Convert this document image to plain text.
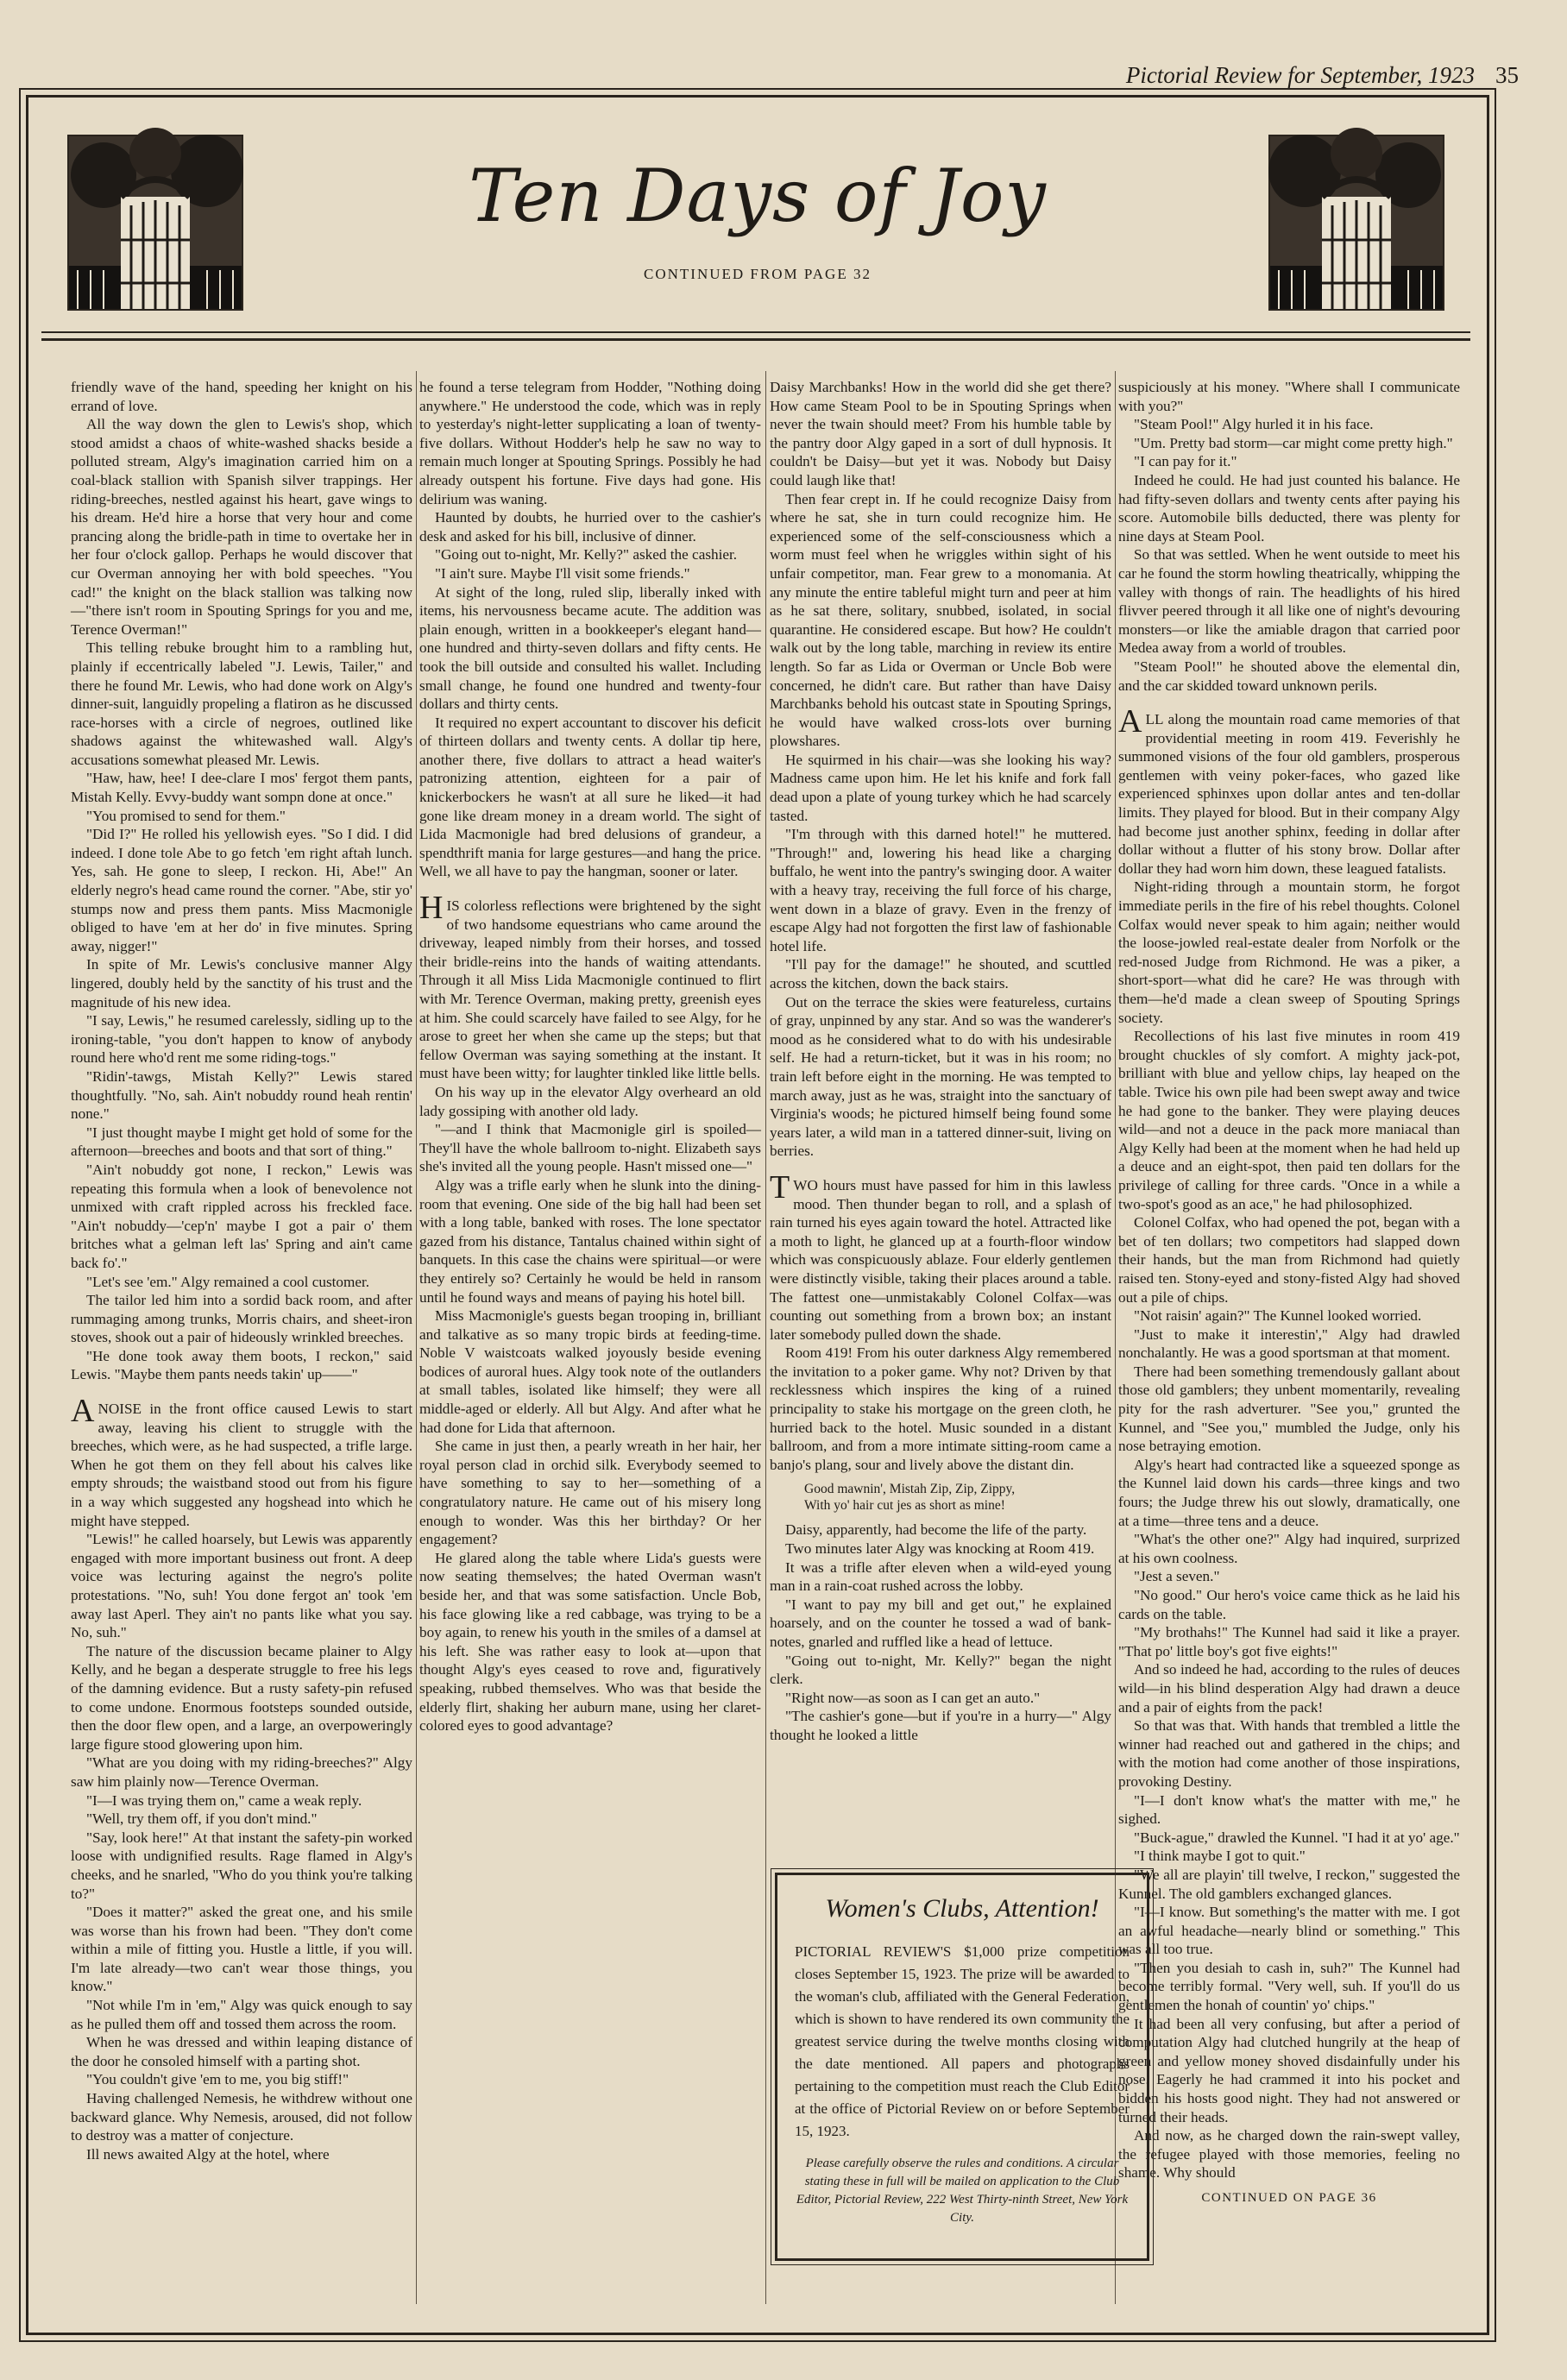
Pictorial Review for September, 1923 35
Ten Days of Joy
CONTINUED FROM PAGE 32

friendly wave of the hand, speeding her knight on his errand of love.

All the way down the glen to Lewis's shop, which stood amidst a chaos of white-washed shacks beside a polluted stream, Algy's imagination carried him on a coal-black stallion with Spanish silver trappings. Her riding-breeches, nestled against his heart, gave wings to his dream. He'd hire a horse that very hour and come prancing along the bridle-path in time to overtake her in her four o'clock gallop. Perhaps he would discover that cur Overman annoying her with bold speeches. "You cad!" the knight on the black stallion was talking now—"there isn't room in Spouting Springs for you and me, Terence Overman!"

This telling rebuke brought him to a rambling hut, plainly if eccentrically labeled "J. Lewis, Tailer," and there he found Mr. Lewis, who had done work on Algy's dinner-suit, languidly propeling a flatiron as he discussed race-horses with a circle of negroes, outlined like shadows against the whitewashed wall. Algy's accusations somewhat pleased Mr. Lewis.

"Haw, haw, hee! I dee-clare I mos' fergot them pants, Mistah Kelly. Evvy-buddy want sompn done at once."

"You promised to send for them."

"Did I?" He rolled his yellowish eyes. "So I did. I did indeed. I done tole Abe to go fetch 'em right aftah lunch. Yes, sah. He gone to sleep, I reckon. Hi, Abe!" An elderly negro's head came round the corner. "Abe, stir yo' stumps now and press them pants. Miss Macmonigle obliged to have 'em at her do' in five minutes. Spring away, nigger!"

In spite of Mr. Lewis's conclusive manner Algy lingered, doubly held by the sanctity of his trust and the magnitude of his new idea.

"I say, Lewis," he resumed carelessly, sidling up to the ironing-table, "you don't happen to know of anybody round here who'd rent me some riding-togs."

"Ridin'-tawgs, Mistah Kelly?" Lewis stared thoughtfully. "No, sah. Ain't nobuddy round heah rentin' none."

"I just thought maybe I might get hold of some for the afternoon—breeches and boots and that sort of thing."

"Ain't nobuddy got none, I reckon," Lewis was repeating this formula when a look of benevolence not unmixed with craft rippled across his freckled face. "Ain't nobuddy—'cep'n' maybe I got a pair o' them britches what a gelman left las' Spring and ain't came back fo'."

"Let's see 'em." Algy remained a cool customer.

The tailor led him into a sordid back room, and after rummaging among trunks, Morris chairs, and sheet-iron stoves, shook out a pair of hideously wrinkled breeches.

"He done took away them boots, I reckon," said Lewis. "Maybe them pants needs takin' up——"

ANOISE in the front office caused Lewis to start away, leaving his client to struggle with the breeches, which were, as he had suspected, a trifle large. When he got them on they fell about his calves like empty shrouds; the waistband stood out from his figure in a way which suggested any hogshead into which he might have stepped.

"Lewis!" he called hoarsely, but Lewis was apparently engaged with more important business out front. A deep voice was lecturing against the negro's polite protestations. "No, suh! You done fergot an' took 'em away last Aperl. They ain't no pants like what you say. No, suh."

The nature of the discussion became plainer to Algy Kelly, and he began a desperate struggle to free his legs of the damning evidence. But a rusty safety-pin refused to come undone. Enormous footsteps sounded outside, then the door flew open, and a large, an overpoweringly large figure stood glowering upon him.

"What are you doing with my riding-breeches?" Algy saw him plainly now—Terence Overman.

"I—I was trying them on," came a weak reply.

"Well, try them off, if you don't mind."

"Say, look here!" At that instant the safety-pin worked loose with undignified results. Rage flamed in Algy's cheeks, and he snarled, "Who do you think you're talking to?"

"Does it matter?" asked the great one, and his smile was worse than his frown had been. "They don't come within a mile of fitting you. Hustle a little, if you will. I'm late already—two can't wear those things, you know."

"Not while I'm in 'em," Algy was quick enough to say as he pulled them off and tossed them across the room.

When he was dressed and within leaping distance of the door he consoled himself with a parting shot.

"You couldn't give 'em to me, you big stiff!"

Having challenged Nemesis, he withdrew without one backward glance. Why Nemesis, aroused, did not follow to destroy was a matter of conjecture.

Ill news awaited Algy at the hotel, where

he found a terse telegram from Hodder, "Nothing doing anywhere." He understood the code, which was in reply to yesterday's night-letter supplicating a loan of twenty-five dollars. Without Hodder's help he saw no way to remain much longer at Spouting Springs. Possibly he had already outspent his fortune. Five days had gone. His delirium was waning.

Haunted by doubts, he hurried over to the cashier's desk and asked for his bill, inclusive of dinner.

"Going out to-night, Mr. Kelly?" asked the cashier.

"I ain't sure. Maybe I'll visit some friends."

At sight of the long, ruled slip, liberally inked with items, his nervousness became acute. The addition was plain enough, written in a bookkeeper's elegant hand—one hundred and thirty-seven dollars and fifty cents. He took the bill outside and consulted his wallet. Including small change, he found one hundred and twenty-four dollars and thirty cents.

It required no expert accountant to discover his deficit of thirteen dollars and twenty cents. A dollar tip here, another there, five dollars to attract a head waiter's patronizing attention, eighteen for a pair of knickerbockers he wasn't at all sure he liked—it had gone like dream money in a dream world. The sight of Lida Macmonigle had bred delusions of grandeur, a spendthrift mania for large gestures—and hang the price. Well, we all have to pay the hangman, sooner or later.

HIS colorless reflections were brightened by the sight of two handsome equestrians who came around the driveway, leaped nimbly from their horses, and tossed their bridle-reins into the hands of waiting attendants. Through it all Miss Lida Macmonigle continued to flirt with Mr. Terence Overman, making pretty, greenish eyes at him. She could scarcely have failed to see Algy, for he arose to greet her when she came up the steps; but that fellow Overman was saying something at the instant. It must have been witty; for laughter tinkled like little bells.

On his way up in the elevator Algy overheard an old lady gossiping with another old lady.

"—and I think that Macmonigle girl is spoiled— They'll have the whole ballroom to-night. Elizabeth says she's invited all the young people. Hasn't missed one—"

Algy was a trifle early when he slunk into the dining-room that evening. One side of the big hall had been set with a long table, banked with roses. The lone spectator gazed from his distance, Tantalus chained within sight of banquets. In this case the chains were spiritual—or were they entirely so? Certainly he would be held in ransom until he found ways and means of paying his hotel bill.

Miss Macmonigle's guests began trooping in, brilliant and talkative as so many tropic birds at feeding-time. Noble V waistcoats walked joyously beside evening bodices of auroral hues. Algy took note of the outlanders at small tables, isolated like himself; they were all middle-aged or elderly. All but Algy. And after what he had done for Lida that afternoon.

She came in just then, a pearly wreath in her hair, her royal person clad in orchid silk. Everybody seemed to have something to say to her—something of a congratulatory nature. He came out of his misery long enough to wonder. Was this her birthday? Or her engagement?

He glared along the table where Lida's guests were now seating themselves; the hated Overman wasn't beside her, and that was some satisfaction. Uncle Bob, his face glowing like a red cabbage, was trying to be a boy again, to renew his youth in the smiles of a damsel at his left. She was rather easy to look at—upon that thought Algy's eyes ceased to rove and, figuratively speaking, rubbed themselves. Who was that beside the elderly flirt, shaking her auburn mane, using her claret-colored eyes to good advantage?

Daisy Marchbanks! How in the world did she get there? How came Steam Pool to be in Spouting Springs when never the twain should meet? From his humble table by the pantry door Algy gaped in a sort of dull hypnosis. It couldn't be Daisy—but yet it was. Nobody but Daisy could laugh like that!

Then fear crept in. If he could recognize Daisy from where he sat, she in turn could recognize him. He experienced some of the self-consciousness which a worm must feel when he wriggles within sight of his unfair competitor, man. Fear grew to a monomania. At any minute the entire tableful might turn and peer at him as he sat there, solitary, snubbed, isolated, in social quarantine. He considered escape. But how? He couldn't walk out by the long table, marching in review its entire length. So far as Lida or Overman or Uncle Bob were concerned, he didn't care. But rather than have Daisy Marchbanks behold his outcast state in Spouting Springs, he would have walked cross-lots over burning plowshares.

He squirmed in his chair—was she looking his way? Madness came upon him. He let his knife and fork fall dead upon a plate of young turkey which he had scarcely tasted.

"I'm through with this darned hotel!" he muttered. "Through!" and, lowering his head like a charging buffalo, he went into the pantry's swinging door. A waiter with a heavy tray, receiving the full force of his charge, went down in a blaze of gravy. Even in the frenzy of escape Algy had not forgotten the first law of fashionable hotel life.

"I'll pay for the damage!" he shouted, and scuttled across the kitchen, down the back stairs.

Out on the terrace the skies were featureless, curtains of gray, unpinned by any star. And so was the wanderer's mood as he considered what to do with his undesirable self. He had a return-ticket, but it was in his room; no train left before eight in the morning. He was tempted to march away, just as he was, straight into the sanctuary of Virginia's woods; he pictured himself being found some years later, a wild man in a tattered dinner-suit, living on berries.

TWO hours must have passed for him in this lawless mood. Then thunder began to roll, and a splash of rain turned his eyes again toward the hotel. Attracted like a moth to light, he glanced up at a fourth-floor window which was conspicuously ablaze. Four elderly gentlemen were distinctly visible, taking their places around a table. The fattest one—unmistakably Colonel Colfax—was counting out something from a brown box; an instant later somebody pulled down the shade.

Room 419! From his outer darkness Algy remembered the invitation to a poker game. Why not? Driven by that recklessness which inspires the king of a ruined principality to stake his mortgage on the green cloth, he hurried back to the hotel. Music sounded in a distant ballroom, and from a more intimate sitting-room came a banjo's plang, sour and lively above the distant din.

Good mawnin', Mistah Zip, Zip, Zippy,
With yo' hair cut jes as short as mine!

Daisy, apparently, had become the life of the party.

Two minutes later Algy was knocking at Room 419.

It was a trifle after eleven when a wild-eyed young man in a rain-coat rushed across the lobby.

"I want to pay my bill and get out," he explained hoarsely, and on the counter he tossed a wad of bank-notes, gnarled and ruffled like a head of lettuce.

"Going out to-night, Mr. Kelly?" began the night clerk.

"Right now—as soon as I can get an auto."

"The cashier's gone—but if you're in a hurry—" Algy thought he looked a little

suspiciously at his money. "Where shall I communicate with you?"

"Steam Pool!" Algy hurled it in his face.

"Um. Pretty bad storm—car might come pretty high."

"I can pay for it."

Indeed he could. He had just counted his balance. He had fifty-seven dollars and twenty cents after paying his score. Automobile bills deducted, there was plenty for nine days at Steam Pool.

So that was settled. When he went outside to meet his car he found the storm howling theatrically, whipping the valley with thongs of rain. The headlights of his hired flivver peered through it all like one of night's devouring monsters—or like the amiable dragon that carried poor Medea away from a world of troubles.

"Steam Pool!" he shouted above the elemental din, and the car skidded toward unknown perils.

ALL along the mountain road came memories of that providential meeting in room 419. Feverishly he summoned visions of the four old gamblers, prosperous gentlemen with veiny poker-faces, who gazed like experienced sphinxes upon dollar antes and ten-dollar limits. They played for blood. But in their company Algy had become just another sphinx, feeding in dollar after dollar without a flutter of his stony brow. Dollar after dollar they had worn him down, these leagued fatalists.

Night-riding through a mountain storm, he forgot immediate perils in the fire of his rebel thoughts. Colonel Colfax would never speak to him again; neither would the loose-jowled real-estate dealer from Norfolk or the red-nosed Judge from Richmond. He was a piker, a short-sport—what did he care? He was through with them—he'd made a clean sweep of Spouting Springs society.

Recollections of his last five minutes in room 419 brought chuckles of sly comfort. A mighty jack-pot, brilliant with blue and yellow chips, lay heaped on the table. Twice his own pile had been swept away and twice he had gone to the banker. They were playing deuces wild—and not a deuce in the pack more maniacal than Algy Kelly had been at the moment when he had held up a deuce and an eight-spot, then paid ten dollars for the privilege of calling for three cards. "Once in a while a two-spot's good as an ace," he had philosophized.

Colonel Colfax, who had opened the pot, began with a bet of ten dollars; two competitors had slapped down their hands, but the man from Richmond had quietly raised ten. Stony-eyed and stony-fisted Algy had shoved out a pile of chips.

"Not raisin' again?" The Kunnel looked worried.

"Just to make it interestin'," Algy had drawled nonchalantly. He was a good sportsman at that moment.

There had been something tremendously gallant about those old gamblers; they unbent momentarily, revealing pity for the rash adverturer. "See you," grunted the Kunnel, and "See you," mumbled the Judge, only his nose betraying emotion.

Algy's heart had contracted like a squeezed sponge as the Kunnel laid down his cards—three kings and two fours; the Judge threw his out slowly, dramatically, one at a time—three tens and a deuce.

"What's the other one?" Algy had inquired, surprized at his own coolness.

"Jest a seven."

"No good." Our hero's voice came thick as he laid his cards on the table.

"My brothahs!" The Kunnel had said it like a prayer. "That po' little boy's got five eights!"

And so indeed he had, according to the rules of deuces wild—in his blind desperation Algy had drawn a deuce and a pair of eights from the pack!

So that was that. With hands that trembled a little the winner had reached out and gathered in the chips; and with the motion had come another of those inspirations, provoking Destiny.

"I—I don't know what's the matter with me," he sighed.

"Buck-ague," drawled the Kunnel. "I had it at yo' age."

"I think maybe I got to quit."

"We all are playin' till twelve, I reckon," suggested the Kunnel. The old gamblers exchanged glances.

"I—I know. But something's the matter with me. I got an awful headache—nearly blind or something." This was all too true.

"Then you desiah to cash in, suh?" The Kunnel had become terribly formal. "Very well, suh. If you'll do us gentlemen the honah of countin' yo' chips."

It had been all very confusing, but after a period of computation Algy had clutched hungrily at the heap of green and yellow money shoved disdainfully under his nose. Eagerly he had crammed it into his pocket and bidden his hosts good night. They had not answered or turned their heads.

And now, as he charged down the rain-swept valley, the refugee played with those memories, feeling no shame. Why should

CONTINUED ON PAGE 36

Women's Clubs, Attention!

PICTORIAL REVIEW'S $1,000 prize competition closes September 15, 1923. The prize will be awarded to the woman's club, affiliated with the General Federation, which is shown to have rendered its own community the greatest service during the twelve months closing with the date mentioned. All papers and photographs pertaining to the competition must reach the Club Editor at the office of Pictorial Review on or before September 15, 1923.

Please carefully observe the rules and conditions. A circular stating these in full will be mailed on application to the Club Editor, Pictorial Review, 222 West Thirty-ninth Street, New York City.
